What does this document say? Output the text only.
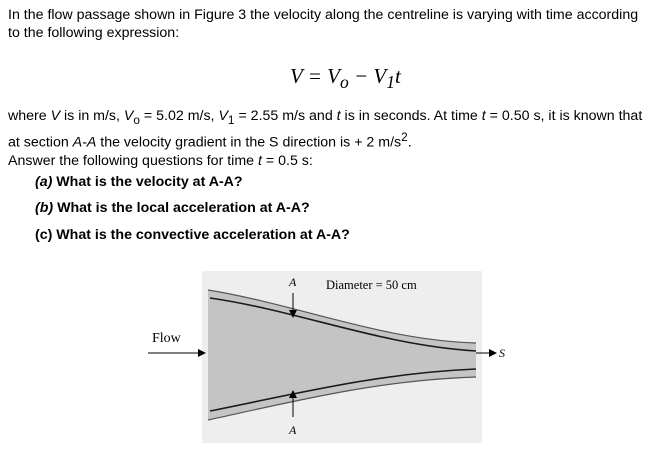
In the flow passage shown in Figure 3 the velocity along the centreline is varying with time according to the following expression:
$V = V_o - V_1t$
where V is in m/s, $V_o = 5.02$ m/s, $V_1 = 2.55$ m/s and t is in seconds. At time t = 0.50 s, it is known that at section A-A the velocity gradient in the S direction is + 2 $m/s^2$.
Answer the following questions for time t = 0.5 s:
(a) What is the velocity at A-A?
(b) What is the local acceleration at A-A?
(c) What is the convective acceleration at A-A?
A
A
Diameter = 50 cm
Flow
S
